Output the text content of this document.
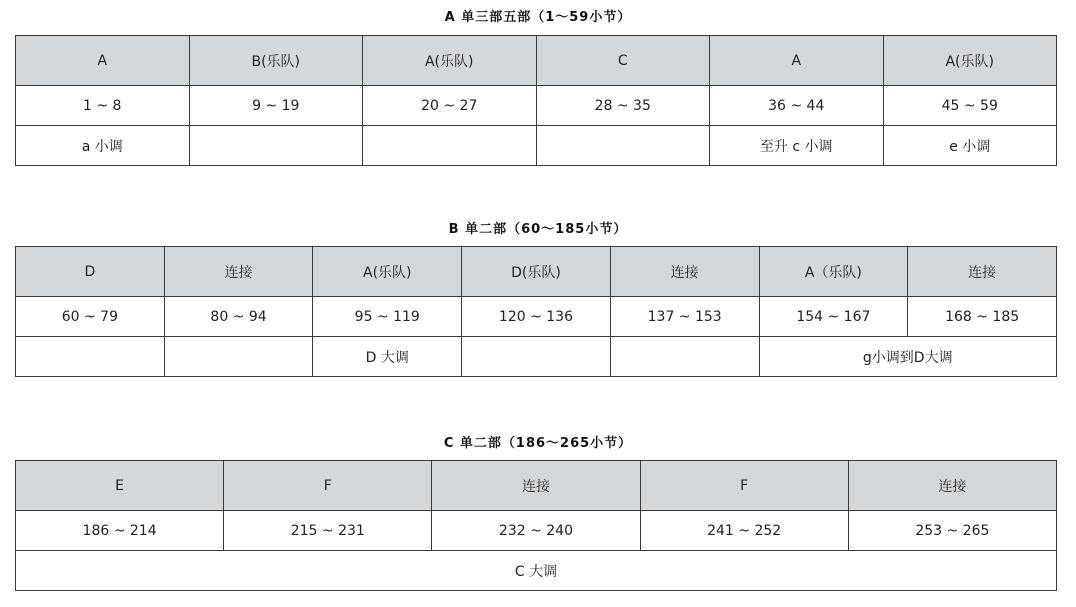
A 单三部五部（1～59小节）
A	B(乐队)	A(乐队)	C	A	A(乐队)
1 ~ 8	9 ~ 19	20 ~ 27	28 ~ 35	36 ~ 44	45 ~ 59
a 小调				至升 c 小调	e 小调
B 单二部（60～185小节）
D	连接	A(乐队)	D(乐队)	连接	A（乐队)	连接
60 ~ 79	80 ~ 94	95 ~ 119	120 ~ 136	137 ~ 153	154 ~ 167	168 ~ 185
		D 大调			g小调到D大调	
C 单二部（186～265小节）
E	F	连接	F	连接
186 ~ 214	215 ~ 231	232 ~ 240	241 ~ 252	253 ~ 265
C 大调				
